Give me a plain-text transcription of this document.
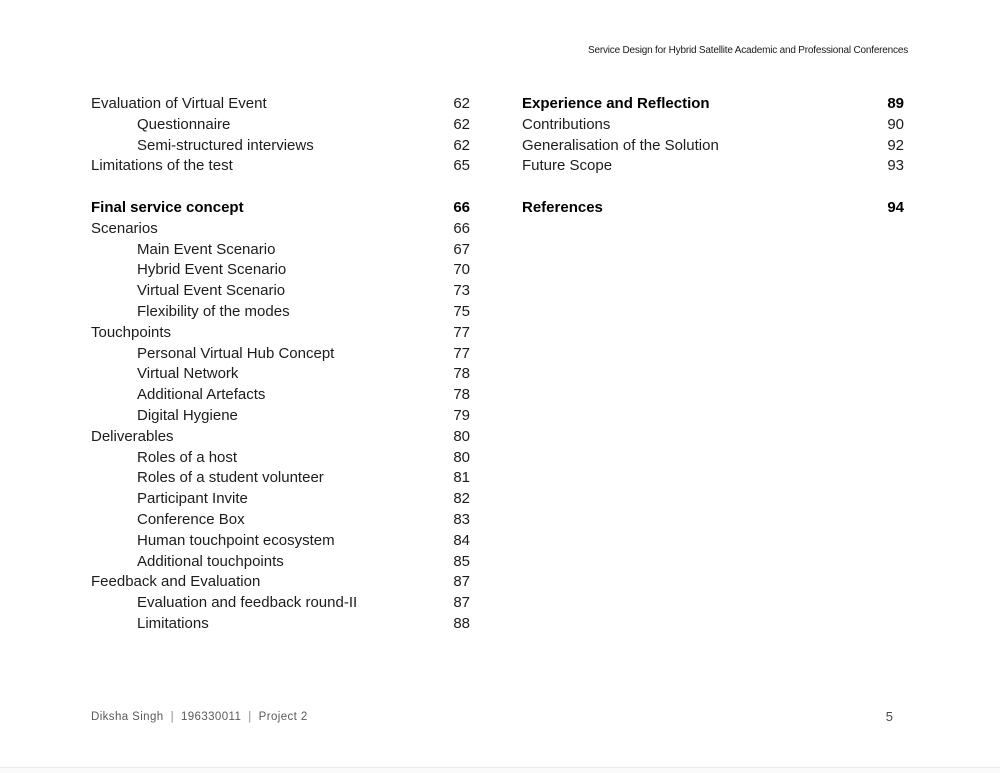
Service Design for Hybrid Satellite Academic and Professional Conferences
Evaluation of Virtual Event	62
Questionnaire	62
Semi-structured interviews	62
Limitations of the test	65
Final service concept	66
Scenarios	66
Main Event Scenario	67
Hybrid Event Scenario	70
Virtual Event Scenario	73
Flexibility of the modes	75
Touchpoints	77
Personal Virtual Hub Concept	77
Virtual Network	78
Additional Artefacts	78
Digital Hygiene	79
Deliverables	80
Roles of a host	80
Roles of a student volunteer	81
Participant Invite	82
Conference Box	83
Human touchpoint ecosystem	84
Additional touchpoints	85
Feedback and Evaluation	87
Evaluation and feedback round-II	87
Limitations	88
Experience and Reflection	89
Contributions	90
Generalisation of the Solution	92
Future Scope	93
References	94
Diksha Singh | 196330011 | Project 2	5
